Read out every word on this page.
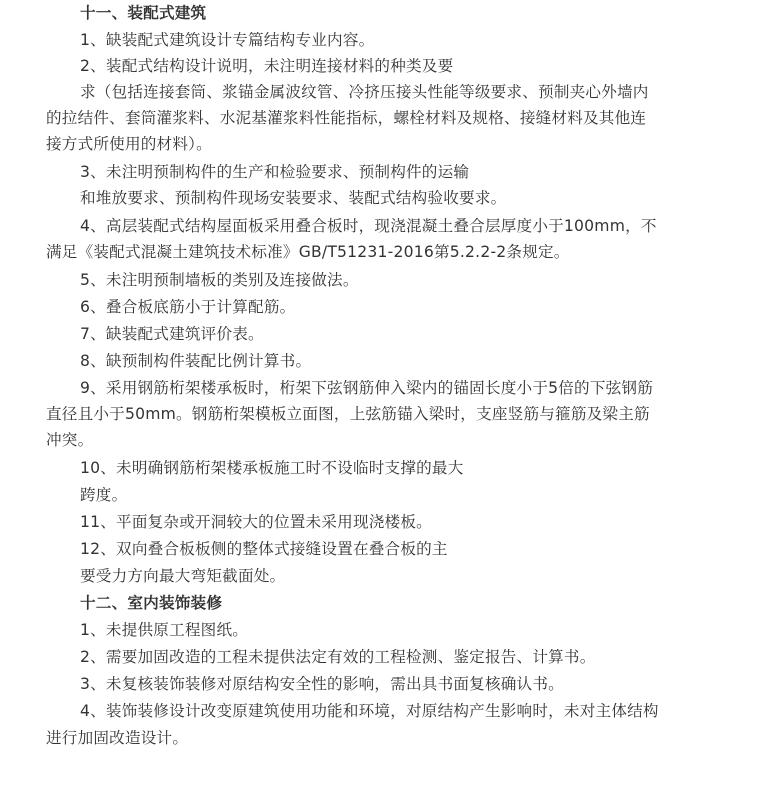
十一、装配式建筑
1、缺装配式建筑设计专篇结构专业内容。
2、装配式结构设计说明，未注明连接材料的种类及要
求（包括连接套筒、浆锚金属波纹管、冷挤压接头性能等级要求、预制夹心外墙内
的拉结件、套筒灌浆料、水泥基灌浆料性能指标，螺栓材料及规格、接缝材料及其他连
接方式所使用的材料）。
3、未注明预制构件的生产和检验要求、预制构件的运输
和堆放要求、预制构件现场安装要求、装配式结构验收要求。
4、高层装配式结构屋面板采用叠合板时，现浇混凝土叠合层厚度小于100mm，不
满足《装配式混凝土建筑技术标准》GB/T51231-2016第5.2.2-2条规定。
5、未注明预制墙板的类别及连接做法。
6、叠合板底筋小于计算配筋。
7、缺装配式建筑评价表。
8、缺预制构件装配比例计算书。
9、采用钢筋桁架楼承板时，桁架下弦钢筋伸入梁内的锚固长度小于5倍的下弦钢筋
直径且小于50mm。钢筋桁架模板立面图，上弦筋锚入梁时，支座竖筋与箍筋及梁主筋
冲突。
10、未明确钢筋桁架楼承板施工时不设临时支撑的最大
跨度。
11、平面复杂或开洞较大的位置未采用现浇楼板。
12、双向叠合板板侧的整体式接缝设置在叠合板的主
要受力方向最大弯矩截面处。
十二、室内装饰装修
1、未提供原工程图纸。
2、需要加固改造的工程未提供法定有效的工程检测、鉴定报告、计算书。
3、未复核装饰装修对原结构安全性的影响，需出具书面复核确认书。
4、装饰装修设计改变原建筑使用功能和环境，对原结构产生影响时，未对主体结构
进行加固改造设计。
